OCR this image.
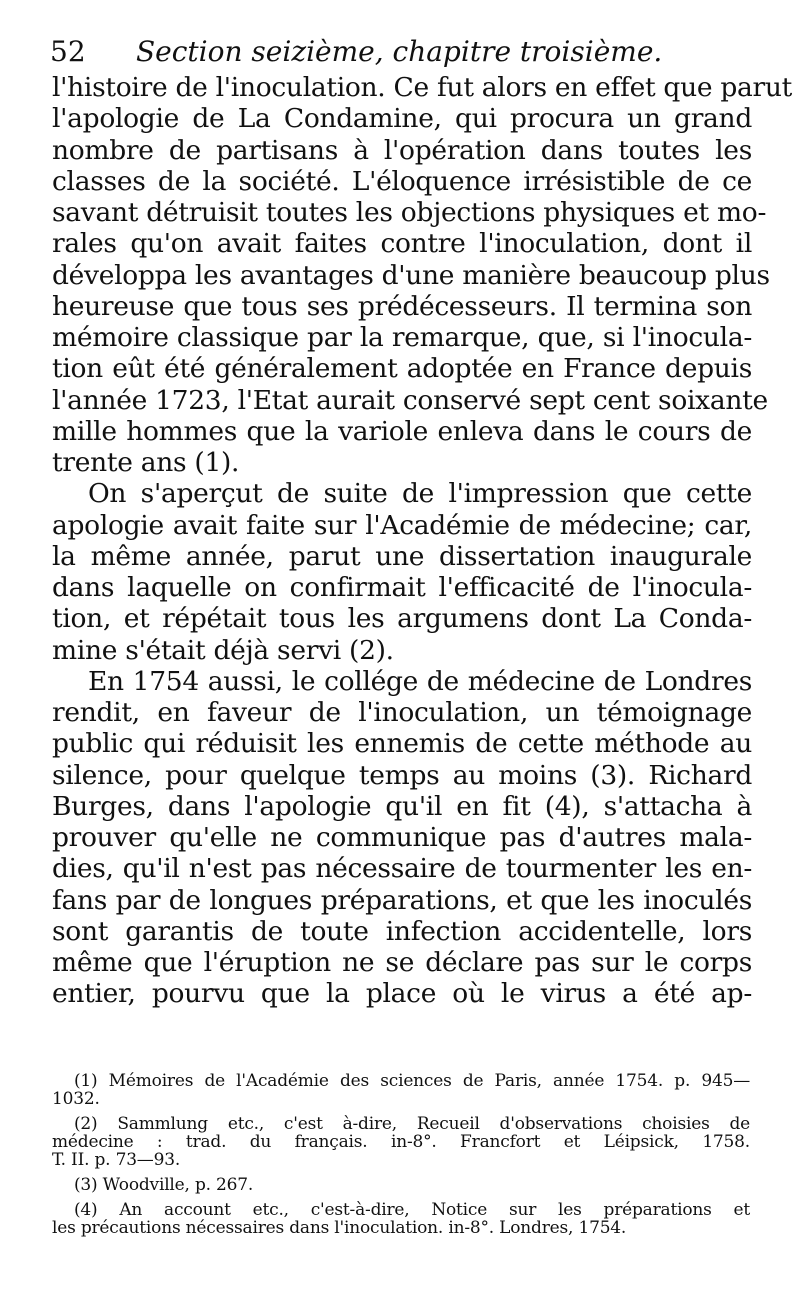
52 Section seizième, chapitre troisième.
l'histoire de l'inoculation. Ce fut alors en effet que parut
l'apologie de La Condamine, qui procura un grand
nombre de partisans à l'opération dans toutes les
classes de la société. L'éloquence irrésistible de ce
savant détruisit toutes les objections physiques et mo-
rales qu'on avait faites contre l'inoculation, dont il
développa les avantages d'une manière beaucoup plus
heureuse que tous ses prédécesseurs. Il termina son
mémoire classique par la remarque, que, si l'inocula-
tion eût été généralement adoptée en France depuis
l'année 1723, l'Etat aurait conservé sept cent soixante
mille hommes que la variole enleva dans le cours de
trente ans (1).
On s'aperçut de suite de l'impression que cette
apologie avait faite sur l'Académie de médecine; car,
la même année, parut une dissertation inaugurale
dans laquelle on confirmait l'efficacité de l'inocula-
tion, et répétait tous les argumens dont La Conda-
mine s'était déjà servi (2).
En 1754 aussi, le collége de médecine de Londres
rendit, en faveur de l'inoculation, un témoignage
public qui réduisit les ennemis de cette méthode au
silence, pour quelque temps au moins (3). Richard
Burges, dans l'apologie qu'il en fit (4), s'attacha à
prouver qu'elle ne communique pas d'autres mala-
dies, qu'il n'est pas nécessaire de tourmenter les en-
fans par de longues préparations, et que les inoculés
sont garantis de toute infection accidentelle, lors
même que l'éruption ne se déclare pas sur le corps
entier, pourvu que la place où le virus a été ap-
(1) Mémoires de l'Académie des sciences de Paris, année 1754. p. 945—
1032.
(2) Sammlung etc., c'est à-dire, Recueil d'observations choisies de
médecine : trad. du français. in-8°. Francfort et Léipsick, 1758.
T. II. p. 73—93.
(3) Woodville, p. 267.
(4) An account etc., c'est-à-dire, Notice sur les préparations et
les précautions nécessaires dans l'inoculation. in-8°. Londres, 1754.
